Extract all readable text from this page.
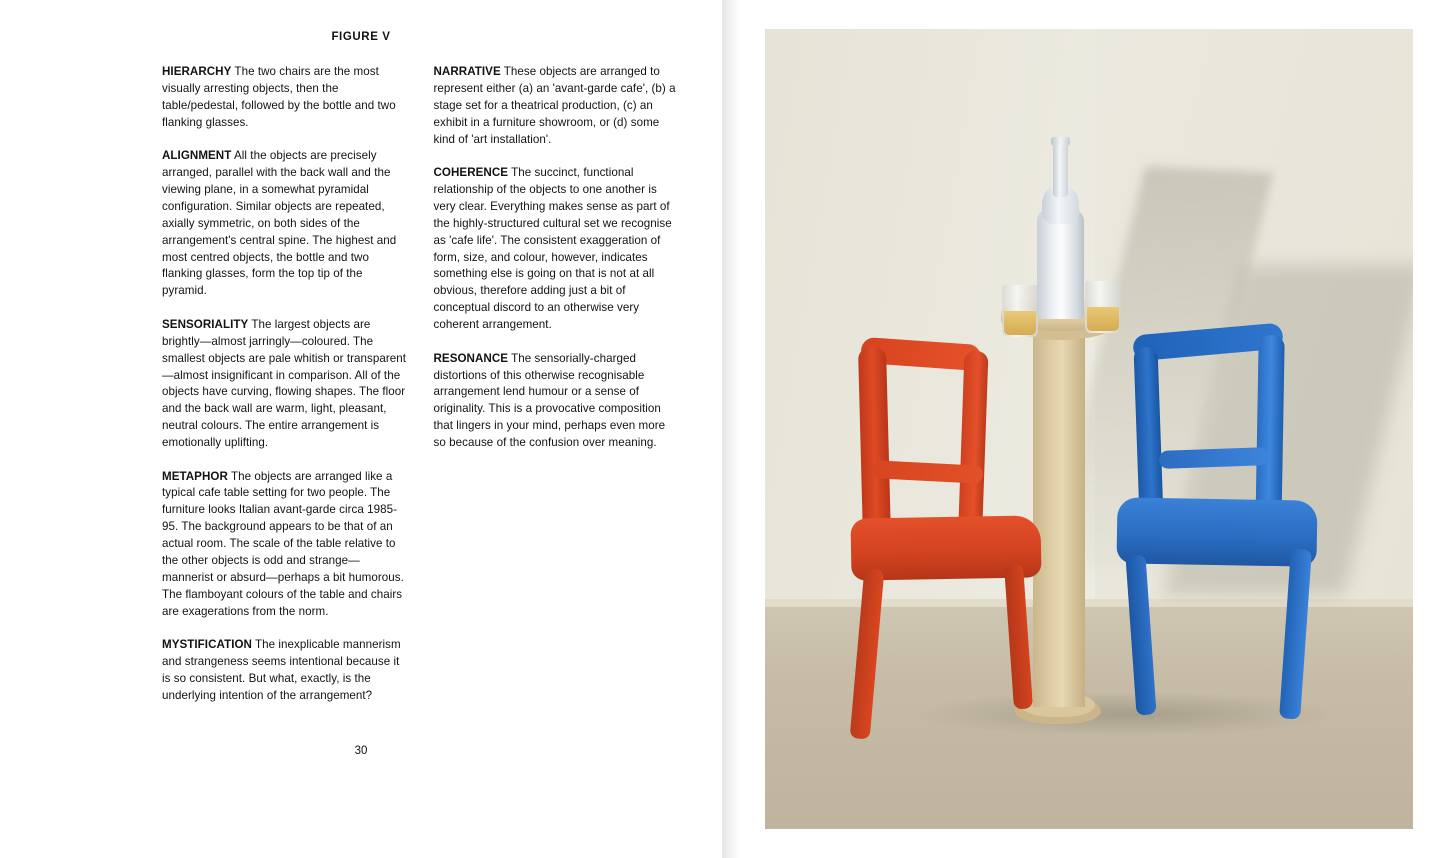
FIGURE V

HIERARCHY The two chairs are the most visually arresting objects, then the table/pedestal, followed by the bottle and two flanking glasses.

ALIGNMENT All the objects are precisely arranged, parallel with the back wall and the viewing plane, in a somewhat pyramidal configuration. Similar objects are repeated, axially symmetric, on both sides of the arrangement's central spine. The highest and most centred objects, the bottle and two flanking glasses, form the top tip of the pyramid.

SENSORIALITY The largest objects are brightly—almost jarringly—coloured. The smallest objects are pale whitish or transparent—almost insignificant in comparison. All of the objects have curving, flowing shapes. The floor and the back wall are warm, light, pleasant, neutral colours. The entire arrangement is emotionally uplifting.

METAPHOR The objects are arranged like a typical cafe table setting for two people. The furniture looks Italian avant-garde circa 1985-95. The background appears to be that of an actual room. The scale of the table relative to the other objects is odd and strange—mannerist or absurd—perhaps a bit humorous. The flamboyant colours of the table and chairs are exagerations from the norm.

MYSTIFICATION The inexplicable mannerism and strangeness seems intentional because it is so consistent. But what, exactly, is the underlying intention of the arrangement?

NARRATIVE These objects are arranged to represent either (a) an 'avant-garde cafe', (b) a stage set for a theatrical production, (c) an exhibit in a furniture showroom, or (d) some kind of 'art installation'.

COHERENCE The succinct, functional relationship of the objects to one another is very clear. Everything makes sense as part of the highly-structured cultural set we recognise as 'cafe life'. The consistent exaggeration of form, size, and colour, however, indicates something else is going on that is not at all obvious, therefore adding just a bit of conceptual discord to an otherwise very coherent arrangement.

RESONANCE The sensorially-charged distortions of this otherwise recognisable arrangement lend humour or a sense of originality. This is a provocative composition that lingers in your mind, perhaps even more so because of the confusion over meaning.

30
